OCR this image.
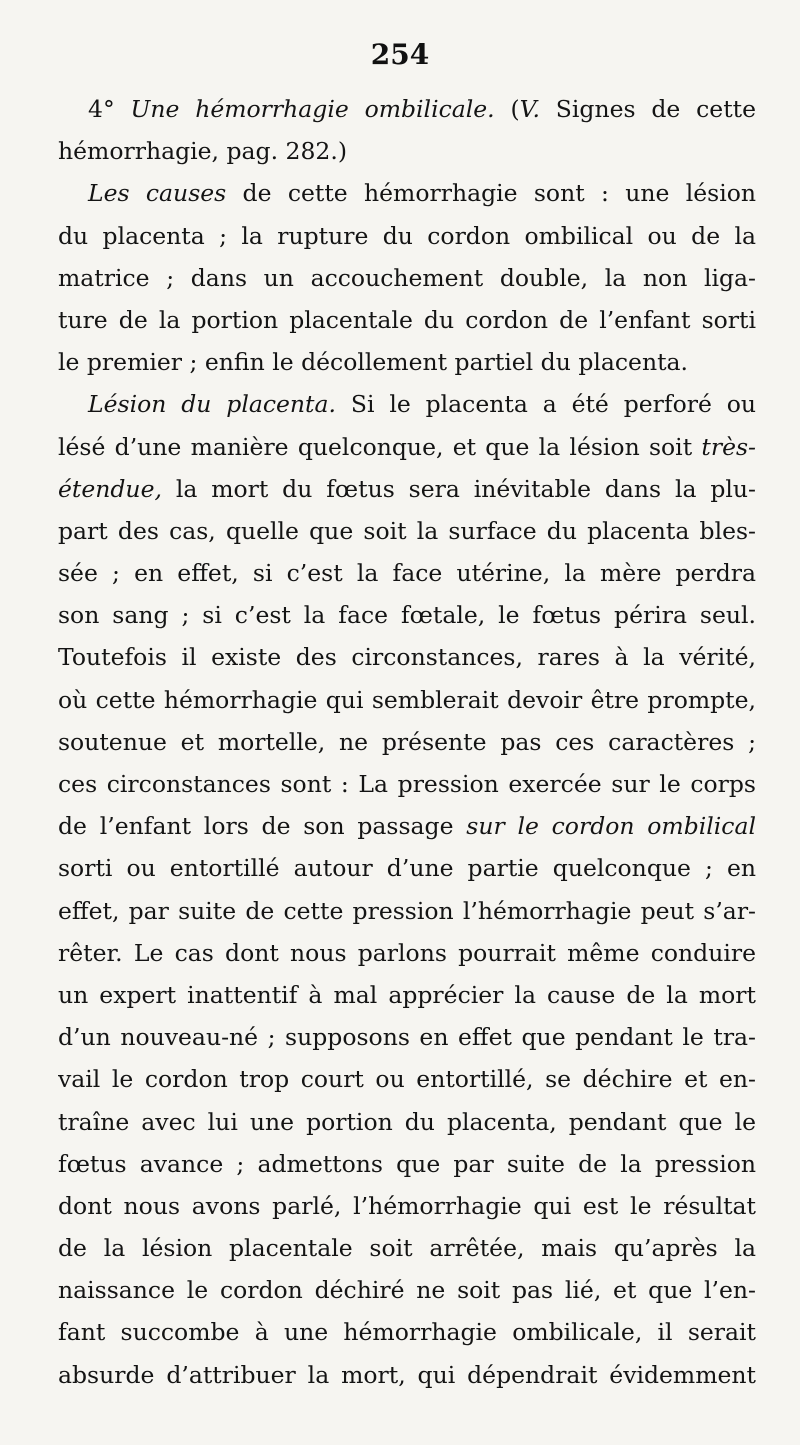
254
4° Une hémorrhagie ombilicale. (V. Signes de cette
hémorrhagie, pag. 282.)
Les causes de cette hémorrhagie sont : une lésion
du placenta ; la rupture du cordon ombilical ou de la
matrice ; dans un accouchement double, la non liga-
ture de la portion placentale du cordon de l’enfant sorti
le premier ; enfin le décollement partiel du placenta.
Lésion du placenta. Si le placenta a été perforé ou
lésé d’une manière quelconque, et que la lésion soit très-
étendue, la mort du fœtus sera inévitable dans la plu-
part des cas, quelle que soit la surface du placenta bles-
sée ; en effet, si c’est la face utérine, la mère perdra
son sang ; si c’est la face fœtale, le fœtus périra seul.
Toutefois il existe des circonstances, rares à la vérité,
où cette hémorrhagie qui semblerait devoir être prompte,
soutenue et mortelle, ne présente pas ces caractères ;
ces circonstances sont : La pression exercée sur le corps
de l’enfant lors de son passage sur le cordon ombilical
sorti ou entortillé autour d’une partie quelconque ; en
effet, par suite de cette pression l’hémorrhagie peut s’ar-
rêter. Le cas dont nous parlons pourrait même conduire
un expert inattentif à mal apprécier la cause de la mort
d’un nouveau-né ; supposons en effet que pendant le tra-
vail le cordon trop court ou entortillé, se déchire et en-
traîne avec lui une portion du placenta, pendant que le
fœtus avance ; admettons que par suite de la pression
dont nous avons parlé, l’hémorrhagie qui est le résultat
de la lésion placentale soit arrêtée, mais qu’après la
naissance le cordon déchiré ne soit pas lié, et que l’en-
fant succombe à une hémorrhagie ombilicale, il serait
absurde d’attribuer la mort, qui dépendrait évidemment
